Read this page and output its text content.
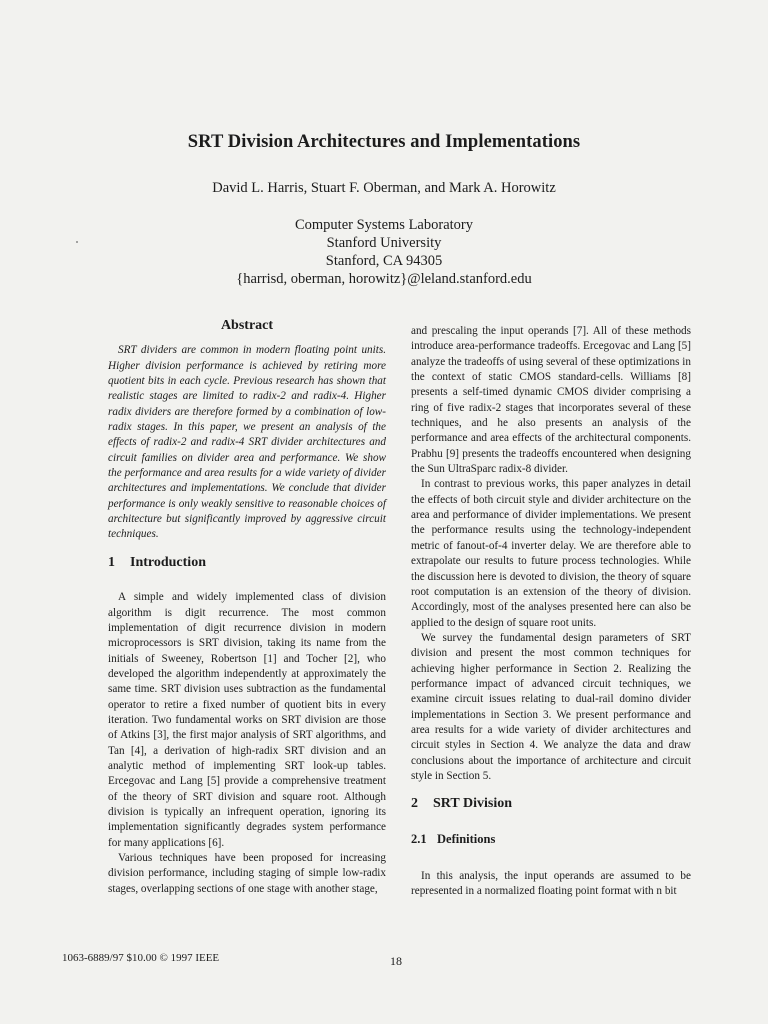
SRT Division Architectures and Implementations
David L. Harris, Stuart F. Oberman, and Mark A. Horowitz
Computer Systems Laboratory
Stanford University
Stanford, CA 94305
{harrisd, oberman, horowitz}@leland.stanford.edu
Abstract

SRT dividers are common in modern floating point units. Higher division performance is achieved by retiring more quotient bits in each cycle. Previous research has shown that realistic stages are limited to radix-2 and radix-4. Higher radix dividers are therefore formed by a combination of low-radix stages. In this paper, we present an analysis of the effects of radix-2 and radix-4 SRT divider architectures and circuit families on divider area and performance. We show the performance and area results for a wide variety of divider architectures and implementations. We conclude that divider performance is only weakly sensitive to reasonable choices of architecture but significantly improved by aggressive circuit techniques.

1 Introduction

A simple and widely implemented class of division algorithm is digit recurrence. The most common implementation of digit recurrence division in modern microprocessors is SRT division, taking its name from the initials of Sweeney, Robertson [1] and Tocher [2], who developed the algorithm independently at approximately the same time. SRT division uses subtraction as the fundamental operator to retire a fixed number of quotient bits in every iteration. Two fundamental works on SRT division are those of Atkins [3], the first major analysis of SRT algorithms, and Tan [4], a derivation of high-radix SRT division and an analytic method of implementing SRT look-up tables. Ercegovac and Lang [5] provide a comprehensive treatment of the theory of SRT division and square root. Although division is typically an infrequent operation, ignoring its implementation significantly degrades system performance for many applications [6].

Various techniques have been proposed for increasing division performance, including staging of simple low-radix stages, overlapping sections of one stage with another stage,

and prescaling the input operands [7]. All of these methods introduce area-performance tradeoffs. Ercegovac and Lang [5] analyze the tradeoffs of using several of these optimizations in the context of static CMOS standard-cells. Williams [8] presents a self-timed dynamic CMOS divider comprising a ring of five radix-2 stages that incorporates several of these techniques, and he also presents an analysis of the performance and area effects of the architectural components. Prabhu [9] presents the tradeoffs encountered when designing the Sun UltraSparc radix-8 divider.

In contrast to previous works, this paper analyzes in detail the effects of both circuit style and divider architecture on the area and performance of divider implementations. We present the performance results using the technology-independent metric of fanout-of-4 inverter delay. We are therefore able to extrapolate our results to future process technologies. While the discussion here is devoted to division, the theory of square root computation is an extension of the theory of division. Accordingly, most of the analyses presented here can also be applied to the design of square root units.

We survey the fundamental design parameters of SRT division and present the most common techniques for achieving higher performance in Section 2. Realizing the performance impact of advanced circuit techniques, we examine circuit issues relating to dual-rail domino divider implementations in Section 3. We present performance and area results for a wide variety of divider architectures and circuit styles in Section 4. We analyze the data and draw conclusions about the importance of architecture and circuit style in Section 5.

2 SRT Division
2.1 Definitions

In this analysis, the input operands are assumed to be represented in a normalized floating point format with n bit

1063-6889/97 $10.00 © 1997 IEEE	18
